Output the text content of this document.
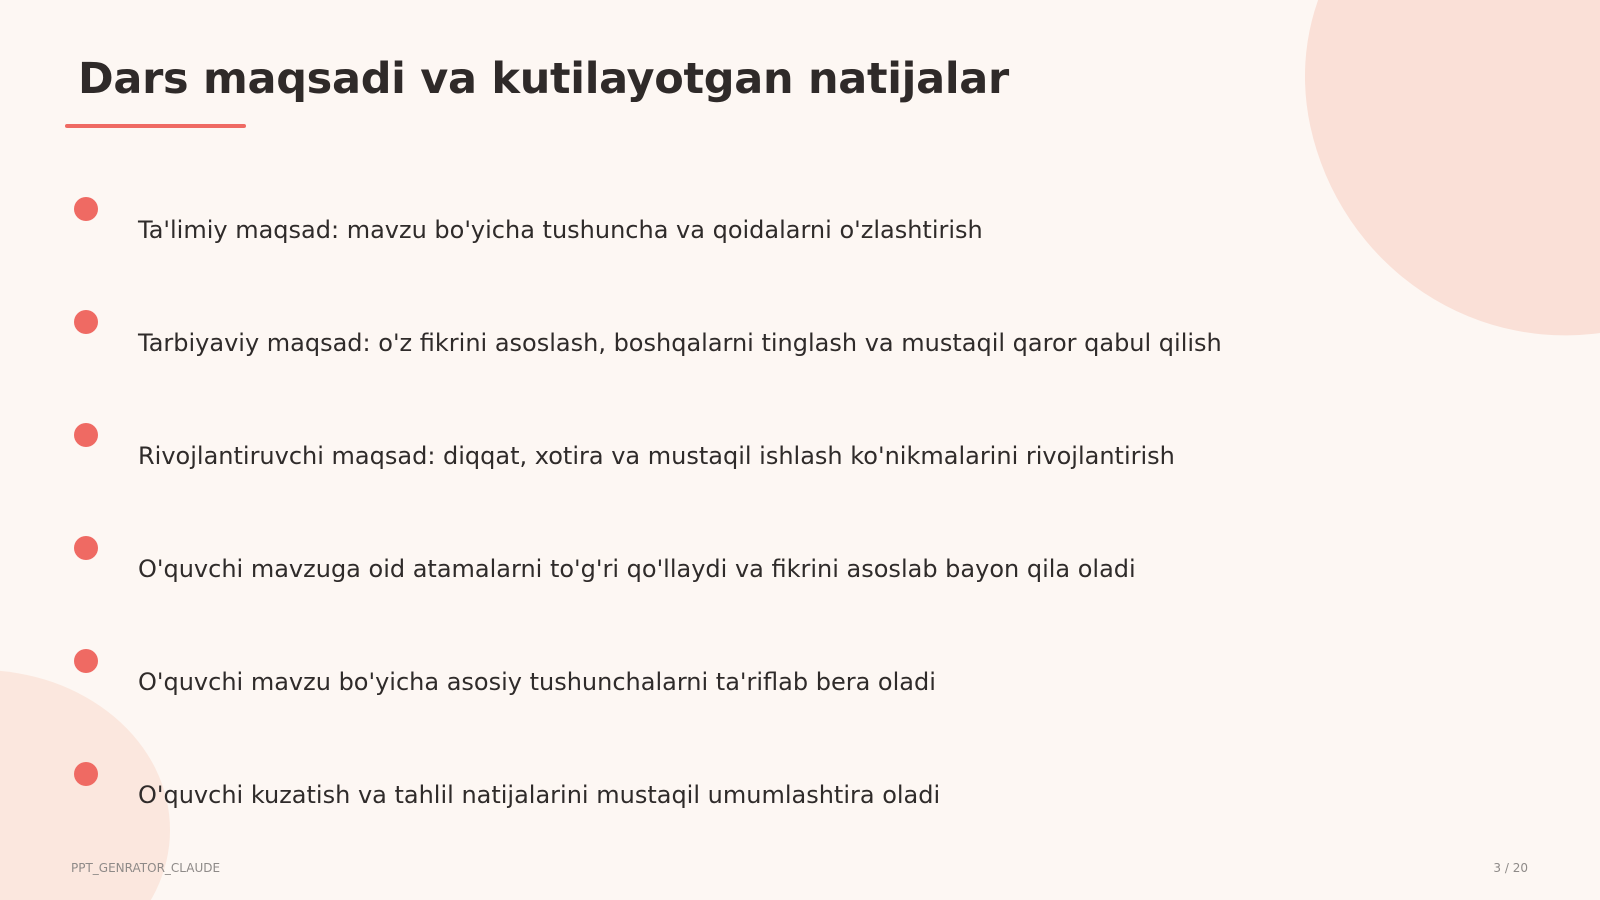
Dars maqsadi va kutilayotgan natijalar
Ta'limiy maqsad: mavzu bo'yicha tushuncha va qoidalarni o'zlashtirish
Tarbiyaviy maqsad: o'z fikrini asoslash, boshqalarni tinglash va mustaqil qaror qabul qilish
Rivojlantiruvchi maqsad: diqqat, xotira va mustaqil ishlash ko'nikmalarini rivojlantirish
O'quvchi mavzuga oid atamalarni to'g'ri qo'llaydi va fikrini asoslab bayon qila oladi
O'quvchi mavzu bo'yicha asosiy tushunchalarni ta'riflab bera oladi
O'quvchi kuzatish va tahlil natijalarini mustaqil umumlashtira oladi
PPT_GENRATOR_CLAUDE	3 / 20
